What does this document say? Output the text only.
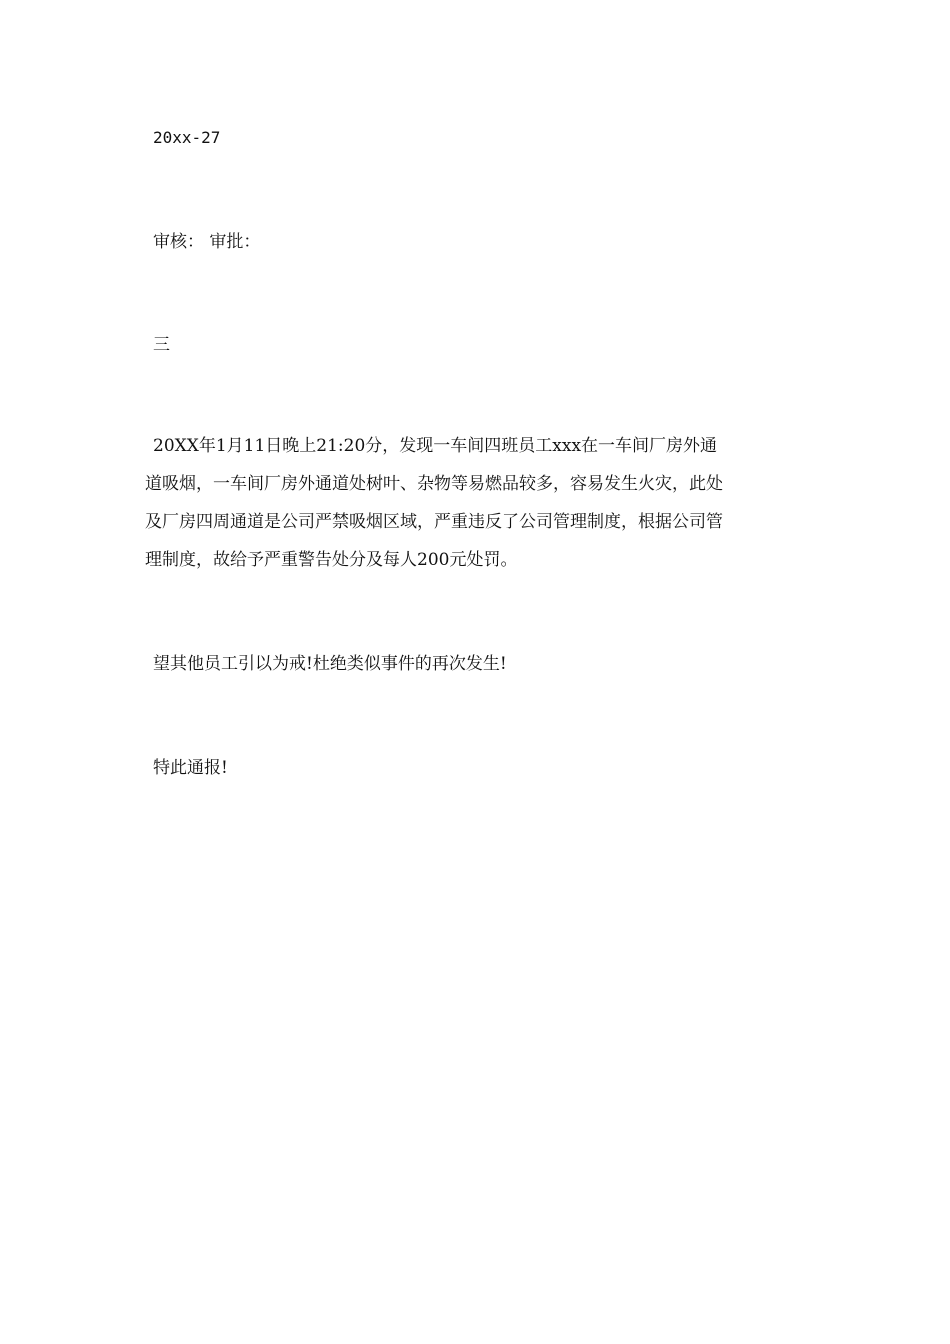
20xx-27
审核： 审批：
三
20XX年1月11日晚上21:20分，发现一车间四班员工xxx在一车间厂房外通
道吸烟，一车间厂房外通道处树叶、杂物等易燃品较多，容易发生火灾，此处
及厂房四周通道是公司严禁吸烟区域，严重违反了公司管理制度，根据公司管
理制度，故给予严重警告处分及每人200元处罚。
望其他员工引以为戒!杜绝类似事件的再次发生!
特此通报!
